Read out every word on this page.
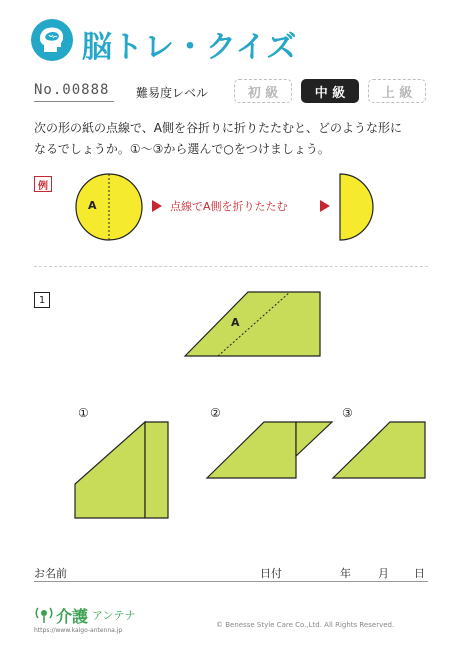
脳トレ・クイズ
No.00888 難易度レベル	初 級	中 級	上 級
次の形の紙の点線で、A側を谷折りに折りたたむと、どのような形に
なるでしょうか。①～③から選んで○をつけましょう。
例
A	点線でA側を折りたたむ
1
A
①	②	③
お名前	日付	年 月 日
介護 アンテナ
https://www.kaigo-antenna.jp
© Benesse Style Care Co.,Ltd. All Rights Reserved.
